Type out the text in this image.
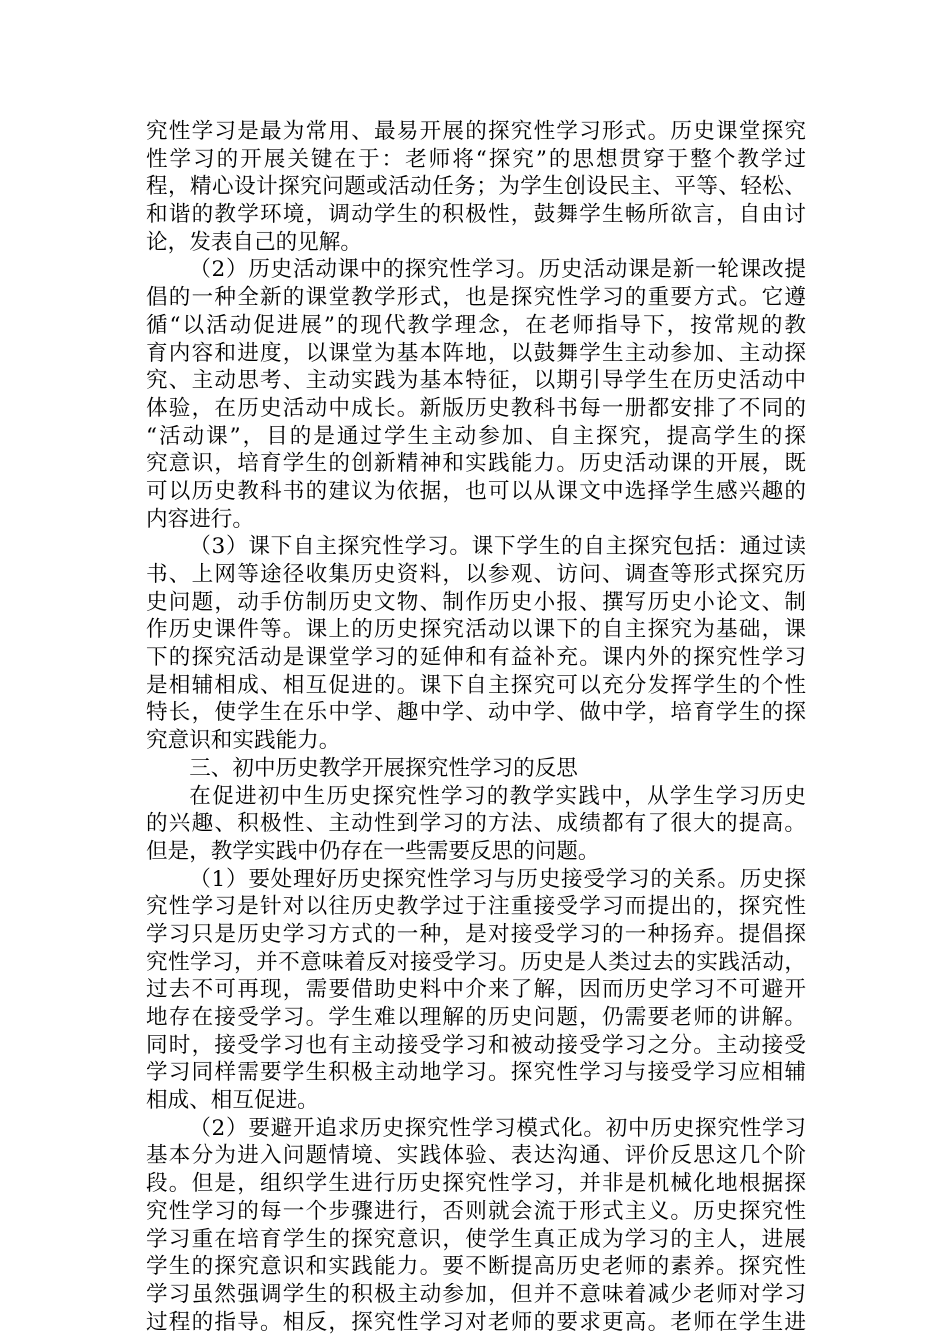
究性学习是最为常用、最易开展的探究性学习形式。历史课堂探究
性学习的开展关键在于：老师将“探究”的思想贯穿于整个教学过
程，精心设计探究问题或活动任务；为学生创设民主、平等、轻松、
和谐的教学环境，调动学生的积极性，鼓舞学生畅所欲言，自由讨
论，发表自己的见解。
（2）历史活动课中的探究性学习。历史活动课是新一轮课改提
倡的一种全新的课堂教学形式，也是探究性学习的重要方式。它遵
循“以活动促进展”的现代教学理念，在老师指导下，按常规的教
育内容和进度，以课堂为基本阵地，以鼓舞学生主动参加、主动探
究、主动思考、主动实践为基本特征，以期引导学生在历史活动中
体验，在历史活动中成长。新版历史教科书每一册都安排了不同的
“活动课”，目的是通过学生主动参加、自主探究，提高学生的探
究意识，培育学生的创新精神和实践能力。历史活动课的开展，既
可以历史教科书的建议为依据，也可以从课文中选择学生感兴趣的
内容进行。
（3）课下自主探究性学习。课下学生的自主探究包括：通过读
书、上网等途径收集历史资料，以参观、访问、调查等形式探究历
史问题，动手仿制历史文物、制作历史小报、撰写历史小论文、制
作历史课件等。课上的历史探究活动以课下的自主探究为基础，课
下的探究活动是课堂学习的延伸和有益补充。课内外的探究性学习
是相辅相成、相互促进的。课下自主探究可以充分发挥学生的个性
特长，使学生在乐中学、趣中学、动中学、做中学，培育学生的探
究意识和实践能力。
三、初中历史教学开展探究性学习的反思
在促进初中生历史探究性学习的教学实践中，从学生学习历史
的兴趣、积极性、主动性到学习的方法、成绩都有了很大的提高。
但是，教学实践中仍存在一些需要反思的问题。
（1）要处理好历史探究性学习与历史接受学习的关系。历史探
究性学习是针对以往历史教学过于注重接受学习而提出的，探究性
学习只是历史学习方式的一种，是对接受学习的一种扬弃。提倡探
究性学习，并不意味着反对接受学习。历史是人类过去的实践活动，
过去不可再现，需要借助史料中介来了解，因而历史学习不可避开
地存在接受学习。学生难以理解的历史问题，仍需要老师的讲解。
同时，接受学习也有主动接受学习和被动接受学习之分。主动接受
学习同样需要学生积极主动地学习。探究性学习与接受学习应相辅
相成、相互促进。
（2）要避开追求历史探究性学习模式化。初中历史探究性学习
基本分为进入问题情境、实践体验、表达沟通、评价反思这几个阶
段。但是，组织学生进行历史探究性学习，并非是机械化地根据探
究性学习的每一个步骤进行，否则就会流于形式主义。历史探究性
学习重在培育学生的探究意识，使学生真正成为学习的主人，进展
学生的探究意识和实践能力。要不断提高历史老师的素养。探究性
学习虽然强调学生的积极主动参加，但并不意味着减少老师对学习
过程的指导。相反，探究性学习对老师的要求更高。老师在学生进
